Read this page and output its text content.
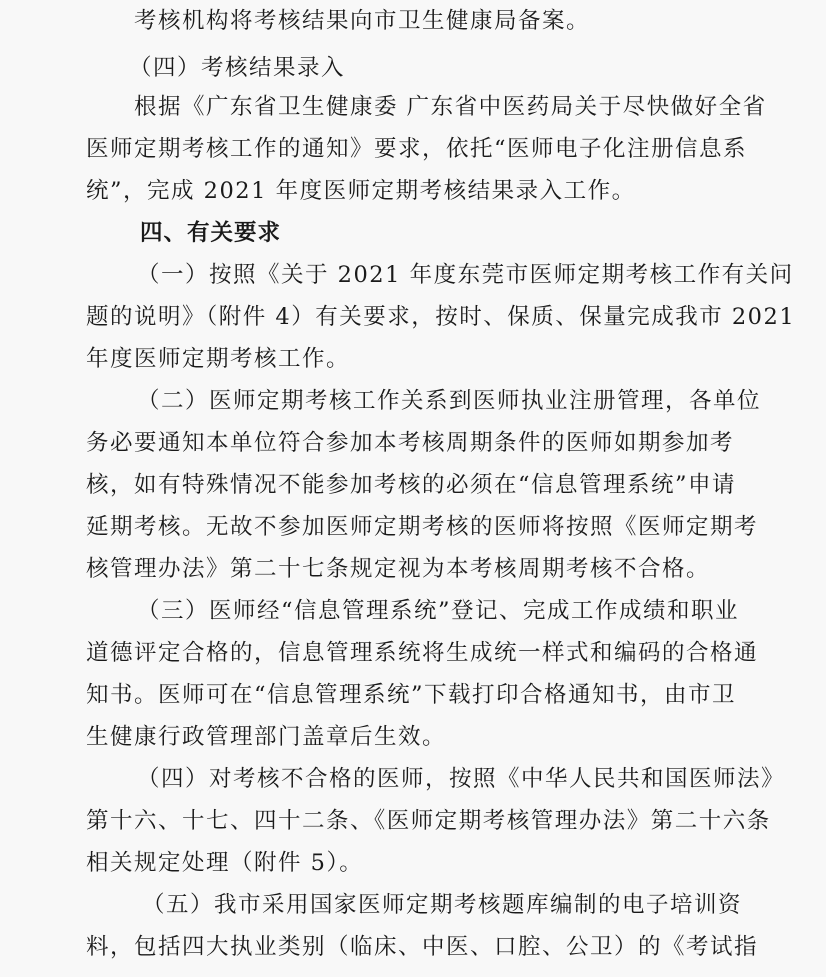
考核机构将考核结果向市卫生健康局备案。
（四）考核结果录入
根据《广东省卫生健康委 广东省中医药局关于尽快做好全省
医师定期考核工作的通知》要求，依托“医师电子化注册信息系
统”，完成 2021 年度医师定期考核结果录入工作。
四、有关要求
（一）按照《关于 2021 年度东莞市医师定期考核工作有关问
题的说明》（附件 4）有关要求，按时、保质、保量完成我市 2021
年度医师定期考核工作。
（二）医师定期考核工作关系到医师执业注册管理，各单位
务必要通知本单位符合参加本考核周期条件的医师如期参加考
核，如有特殊情况不能参加考核的必须在“信息管理系统”申请
延期考核。无故不参加医师定期考核的医师将按照《医师定期考
核管理办法》第二十七条规定视为本考核周期考核不合格。
（三）医师经“信息管理系统”登记、完成工作成绩和职业
道德评定合格的，信息管理系统将生成统一样式和编码的合格通
知书。医师可在“信息管理系统”下载打印合格通知书，由市卫
生健康行政管理部门盖章后生效。
（四）对考核不合格的医师，按照《中华人民共和国医师法》
第十六、十七、四十二条、《医师定期考核管理办法》第二十六条
相关规定处理（附件 5）。
（五）我市采用国家医师定期考核题库编制的电子培训资
料，包括四大执业类别（临床、中医、口腔、公卫）的《考试指
